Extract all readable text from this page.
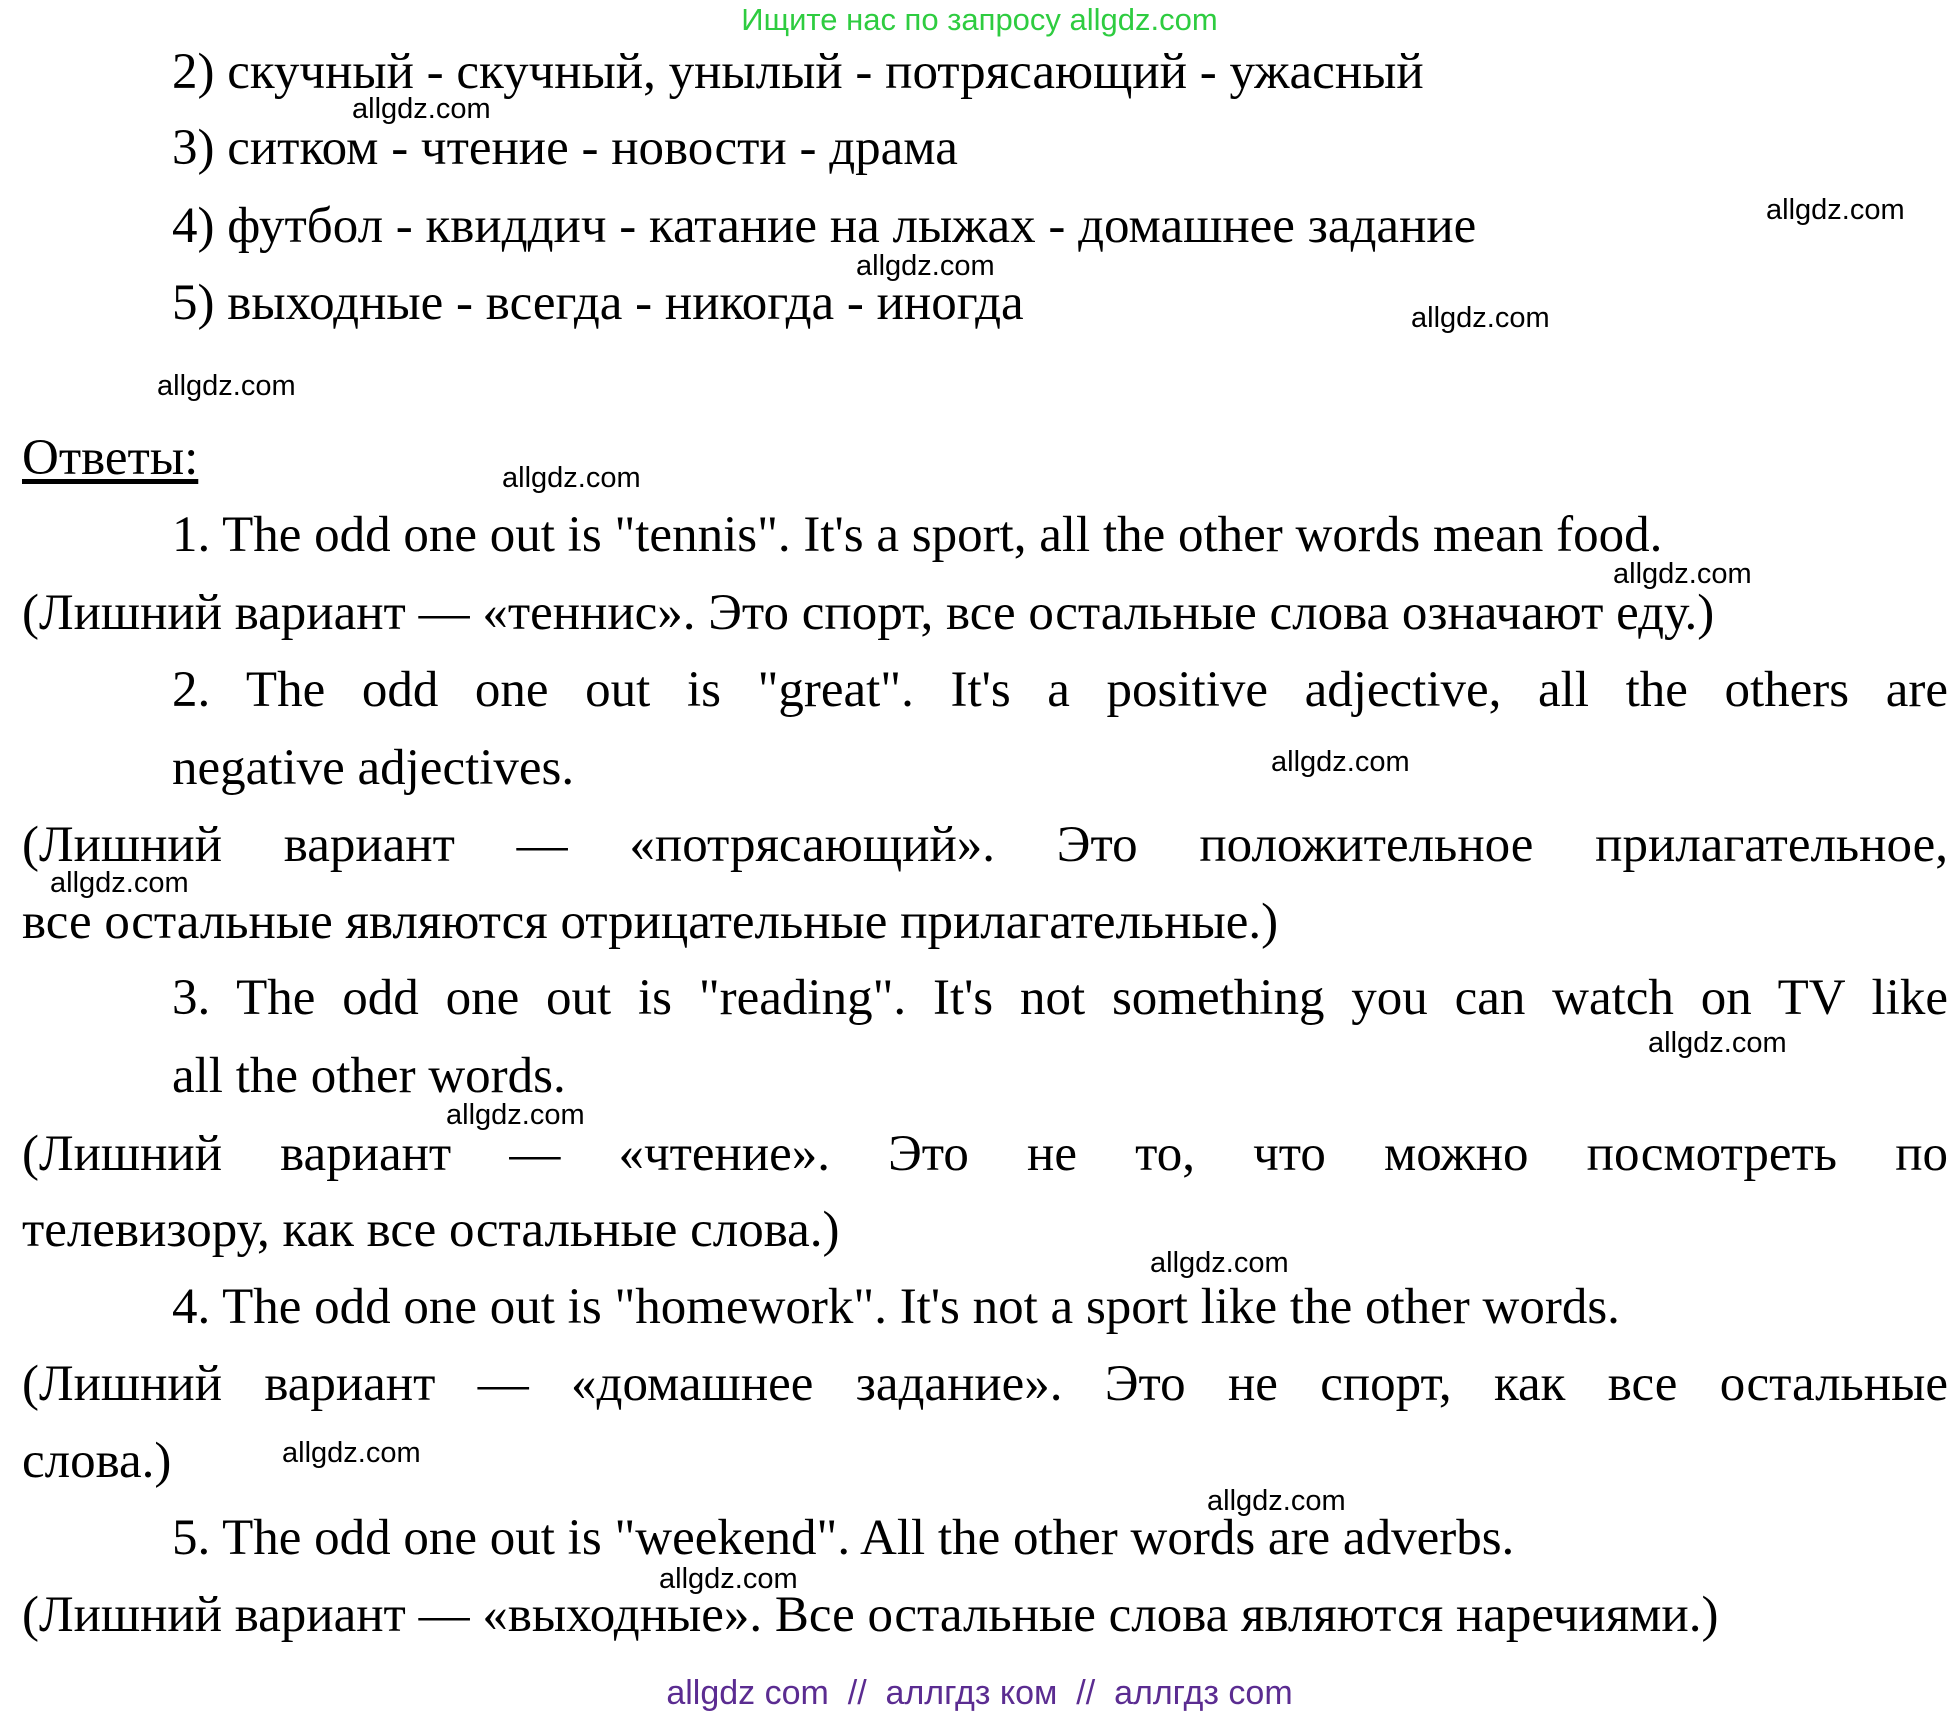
Ищите нас по запросу allgdz.com
2) скучный - скучный, унылый - потрясающий - ужасный
3) ситком - чтение - новости - драма
4) футбол - квиддич - катание на лыжах - домашнее задание
5) выходные - всегда - никогда - иногда
Ответы:
1. The odd one out is "tennis". It's a sport, all the other words mean food.
(Лишний вариант — «теннис». Это спорт, все остальные слова означают еду.)
2. The odd one out is "great". It's a positive adjective, all the others are
negative adjectives.
(Лишний вариант — «потрясающий». Это положительное прилагательное,
все остальные являются отрицательные прилагательные.)
3. The odd one out is "reading". It's not something you can watch on TV like
all the other words.
(Лишний вариант — «чтение». Это не то, что можно посмотреть по
телевизору, как все остальные слова.)
4. The odd one out is "homework". It's not a sport like the other words.
(Лишний вариант — «домашнее задание». Это не спорт, как все остальные
слова.)
5. The odd one out is "weekend". All the other words are adverbs.
(Лишний вариант — «выходные». Все остальные слова являются наречиями.)
allgdz.com
allgdz.com
allgdz.com
allgdz.com
allgdz.com
allgdz.com
allgdz.com
allgdz.com
allgdz.com
allgdz.com
allgdz.com
allgdz.com
allgdz.com
allgdz.com
allgdz.com
allgdz com  //  аллгдз ком  //  аллгдз com
